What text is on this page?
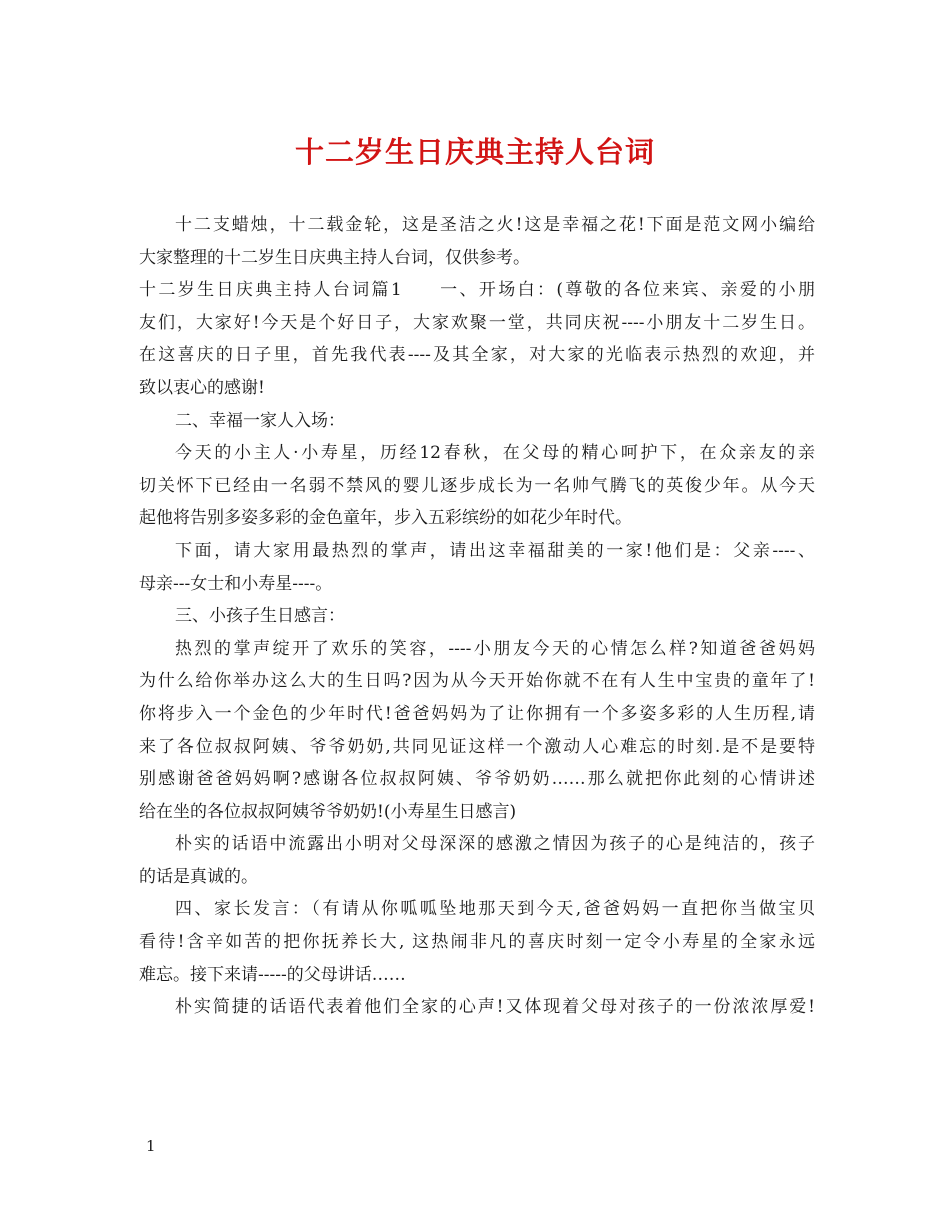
十二岁生日庆典主持人台词
十二支蜡烛，十二载金轮，这是圣洁之火!这是幸福之花!下面是范文网小编给
大家整理的十二岁生日庆典主持人台词，仅供参考。
十二岁生日庆典主持人台词篇1 一、开场白：(尊敬的各位来宾、亲爱的小朋
友们，大家好!今天是个好日子，大家欢聚一堂，共同庆祝----小朋友十二岁生日。
在这喜庆的日子里，首先我代表----及其全家，对大家的光临表示热烈的欢迎，并
致以衷心的感谢!
二、幸福一家人入场：
今天的小主人·小寿星，历经12春秋，在父母的精心呵护下，在众亲友的亲
切关怀下已经由一名弱不禁风的婴儿逐步成长为一名帅气腾飞的英俊少年。从今天
起他将告别多姿多彩的金色童年，步入五彩缤纷的如花少年时代。
下面，请大家用最热烈的掌声，请出这幸福甜美的一家!他们是：父亲----、
母亲---女士和小寿星----。
三、小孩子生日感言：
热烈的掌声绽开了欢乐的笑容，----小朋友今天的心情怎么样?知道爸爸妈妈
为什么给你举办这么大的生日吗?因为从今天开始你就不在有人生中宝贵的童年了!
你将步入一个金色的少年时代!爸爸妈妈为了让你拥有一个多姿多彩的人生历程,请
来了各位叔叔阿姨、爷爷奶奶,共同见证这样一个激动人心难忘的时刻.是不是要特
别感谢爸爸妈妈啊?感谢各位叔叔阿姨、爷爷奶奶……那么就把你此刻的心情讲述
给在坐的各位叔叔阿姨爷爷奶奶!(小寿星生日感言)
朴实的话语中流露出小明对父母深深的感激之情因为孩子的心是纯洁的，孩子
的话是真诚的。
四、家长发言：（有请从你呱呱坠地那天到今天,爸爸妈妈一直把你当做宝贝
看待!含辛如苦的把你抚养长大, 这热闹非凡的喜庆时刻一定令小寿星的全家永远
难忘。接下来请-----的父母讲话……
朴实简捷的话语代表着他们全家的心声!又体现着父母对孩子的一份浓浓厚爱!
1
